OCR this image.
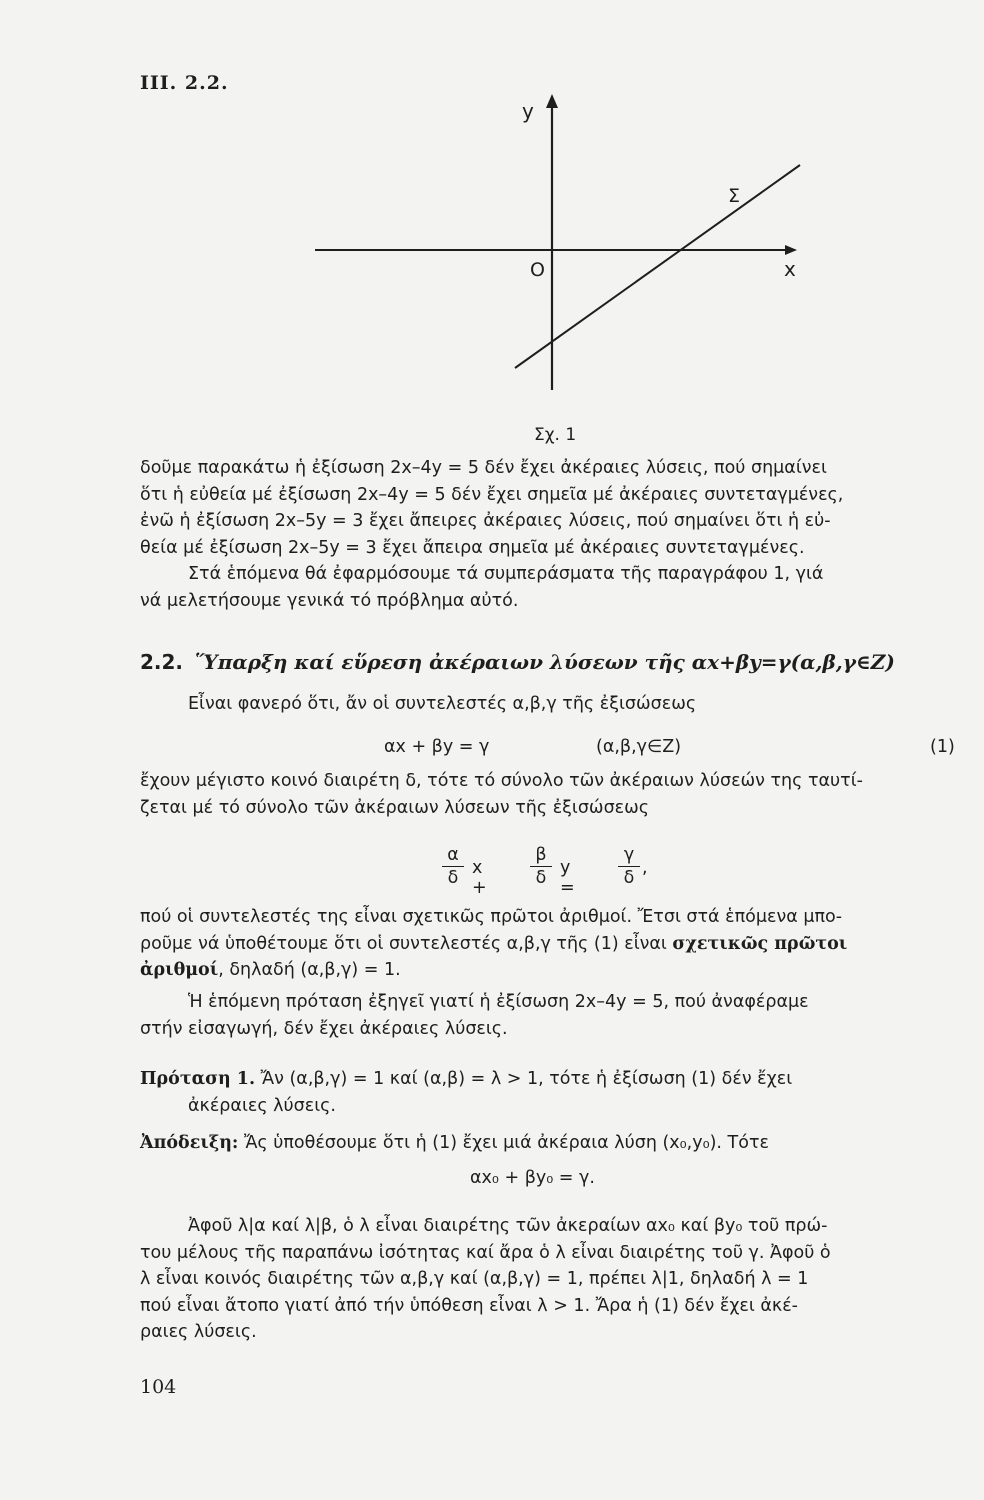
III. 2.2.
y
x
O
Σ
Σχ. 1
δοῦμε παρακάτω ἡ ἐξίσωση 2x–4y = 5 δέν ἔχει ἀκέραιες λύσεις, πού σημαίνει
ὅτι ἡ εὐθεία μέ ἐξίσωση 2x–4y = 5 δέν ἔχει σημεῖα μέ ἀκέραιες συντεταγμένες,
ἐνῶ ἡ ἐξίσωση 2x–5y = 3 ἔχει ἄπειρες ἀκέραιες λύσεις, πού σημαίνει ὅτι ἡ εὐ-
θεία μέ ἐξίσωση 2x–5y = 3 ἔχει ἄπειρα σημεῖα μέ ἀκέραιες συντεταγμένες.
Στά ἑπόμενα θά ἐφαρμόσουμε τά συμπεράσματα τῆς παραγράφου 1, γιά
νά μελετήσουμε γενικά τό πρόβλημα αὐτό.
2.2. Ὕπαρξη καί εὕρεση ἀκέραιων λύσεων τῆς αx+βy=γ(α,β,γ∈Z)
Εἶναι φανερό ὅτι, ἄν οἱ συντελεστές α,β,γ τῆς ἐξισώσεως
αx + βy = γ	(α,β,γ∈Z)	(1)
ἔχουν μέγιστο κοινό διαιρέτη δ, τότε τό σύνολο τῶν ἀκέραιων λύσεών της ταυτί-
ζεται μέ τό σύνολο τῶν ἀκέραιων λύσεων τῆς ἐξισώσεως
$\frac{\alpha}{\delta}$ $x + \frac{\beta}{\delta}$ $y = \frac{\gamma}{\delta}$ ,
πού οἱ συντελεστές της εἶναι σχετικῶς πρῶτοι ἀριθμοί. Ἔτσι στά ἑπόμενα μπο-
ροῦμε νά ὑποθέτουμε ὅτι οἱ συντελεστές α,β,γ τῆς (1) εἶναι σχετικῶς πρῶτοι
ἀριθμοί, δηλαδή (α,β,γ) = 1.
Ἡ ἑπόμενη πρόταση ἐξηγεῖ γιατί ἡ ἐξίσωση 2x–4y = 5, πού ἀναφέραμε
στήν εἰσαγωγή, δέν ἔχει ἀκέραιες λύσεις.
Πρόταση 1. Ἄν (α,β,γ) = 1 καί (α,β) = λ > 1, τότε ἡ ἐξίσωση (1) δέν ἔχει
ἀκέραιες λύσεις.
Ἀπόδειξη: Ἄς ὑποθέσουμε ὅτι ἡ (1) ἔχει μιά ἀκέραια λύση (x₀,y₀). Τότε
αx₀ + βy₀ = γ.
Ἀφοῦ λ|α καί λ|β, ὁ λ εἶναι διαιρέτης τῶν ἀκεραίων αx₀ καί βy₀ τοῦ πρώ-
του μέλους τῆς παραπάνω ἰσότητας καί ἄρα ὁ λ εἶναι διαιρέτης τοῦ γ. Ἀφοῦ ὁ
λ εἶναι κοινός διαιρέτης τῶν α,β,γ καί (α,β,γ) = 1, πρέπει λ|1, δηλαδή λ = 1
πού εἶναι ἄτοπο γιατί ἀπό τήν ὑπόθεση εἶναι λ > 1. Ἄρα ἡ (1) δέν ἔχει ἀκέ-
ραιες λύσεις.
104
